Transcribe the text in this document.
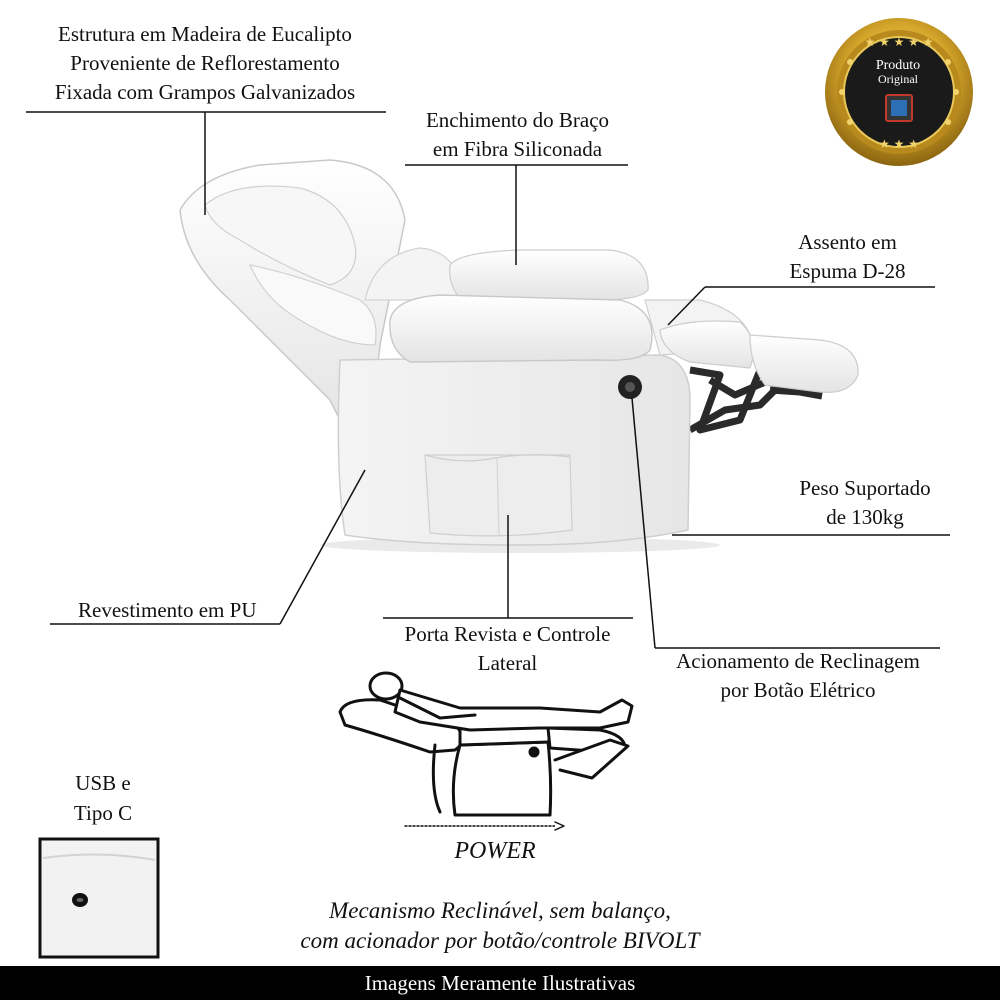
★ ★ ★ ★ ★
★ ★ ★
Estrutura em Madeira de Eucalipto
Proveniente de Reflorestamento
Fixada com Grampos Galvanizados
Enchimento do Braço
em Fibra Siliconada
Assento em
Espuma D-28
Peso Suportado
de 130kg
Revestimento em PU
Porta Revista e Controle
Lateral	Acionamento de Reclinagem
por Botão Elétrico
USB e
Tipo C
Produto
Original
POWER
Mecanismo Reclinável, sem balanço,
com acionador por botão/controle BIVOLT
Imagens Meramente Ilustrativas
